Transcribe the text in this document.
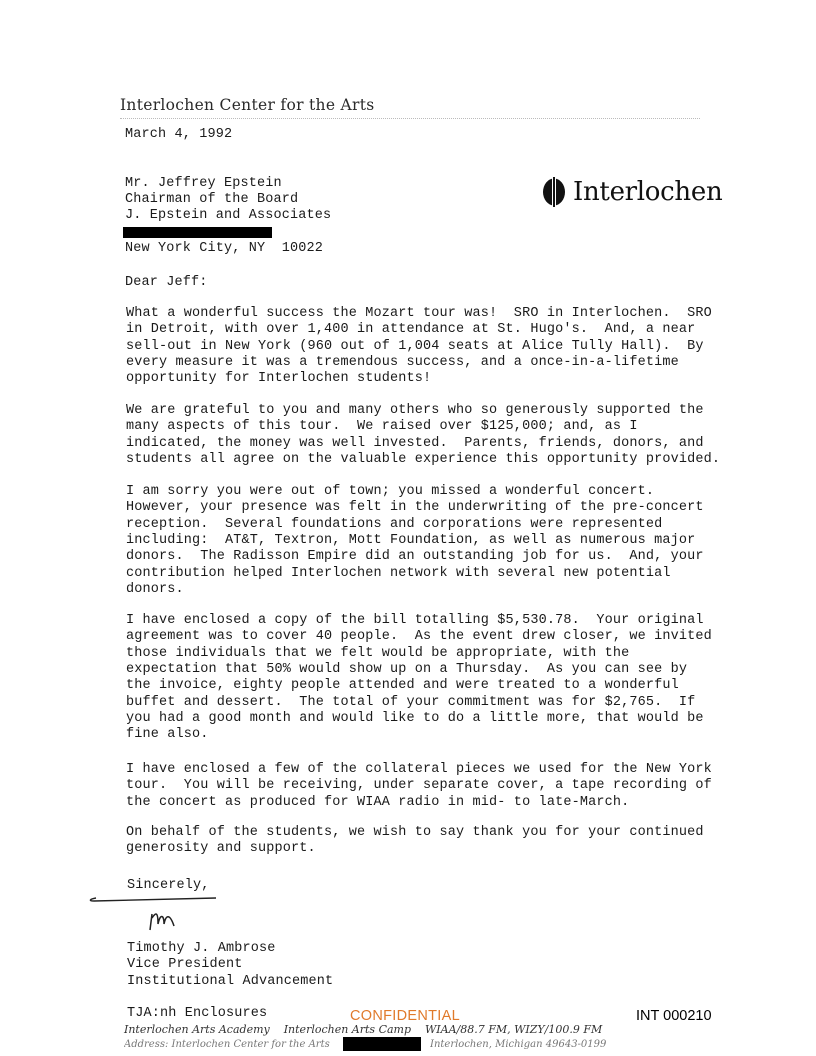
Interlochen Center for the Arts
Interlochen
March 4, 1992
Mr. Jeffrey Epstein
Chairman of the Board
J. Epstein and Associates
New York City, NY  10022
Dear Jeff:
What a wonderful success the Mozart tour was!  SRO in Interlochen.  SRO
in Detroit, with over 1,400 in attendance at St. Hugo's.  And, a near
sell-out in New York (960 out of 1,004 seats at Alice Tully Hall).  By
every measure it was a tremendous success, and a once-in-a-lifetime
opportunity for Interlochen students!
We are grateful to you and many others who so generously supported the
many aspects of this tour.  We raised over $125,000; and, as I
indicated, the money was well invested.  Parents, friends, donors, and
students all agree on the valuable experience this opportunity provided.
I am sorry you were out of town; you missed a wonderful concert.
However, your presence was felt in the underwriting of the pre-concert
reception.  Several foundations and corporations were represented
including:  AT&T, Textron, Mott Foundation, as well as numerous major
donors.  The Radisson Empire did an outstanding job for us.  And, your
contribution helped Interlochen network with several new potential
donors.
I have enclosed a copy of the bill totalling $5,530.78.  Your original
agreement was to cover 40 people.  As the event drew closer, we invited
those individuals that we felt would be appropriate, with the
expectation that 50% would show up on a Thursday.  As you can see by
the invoice, eighty people attended and were treated to a wonderful
buffet and dessert.  The total of your commitment was for $2,765.  If
you had a good month and would like to do a little more, that would be
fine also.
I have enclosed a few of the collateral pieces we used for the New York
tour.  You will be receiving, under separate cover, a tape recording of
the concert as produced for WIAA radio in mid- to late-March.
On behalf of the students, we wish to say thank you for your continued
generosity and support.
Sincerely,
Timothy J. Ambrose
Vice President
Institutional Advancement
TJA:nh Enclosures	CONFIDENTIAL	INT 000210
Interlochen Arts Academy    Interlochen Arts Camp    WIAA/88.7 FM, WIZY/100.9 FM
Address: Interlochen Center for the Arts	Interlochen, Michigan 49643-0199
